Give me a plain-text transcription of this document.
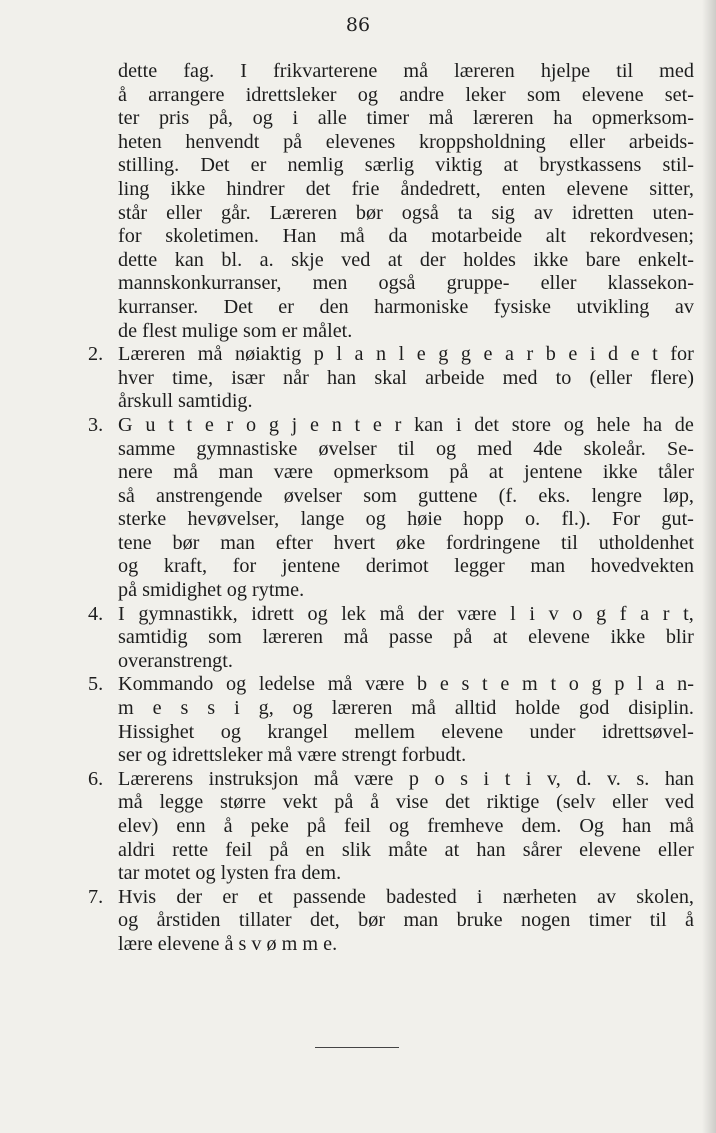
86
dette fag. I frikvarterene må læreren hjelpe til med
å arrangere idrettsleker og andre leker som elevene set-
ter pris på, og i alle timer må læreren ha opmerksom-
heten henvendt på elevenes kroppsholdning eller arbeids-
stilling. Det er nemlig særlig viktig at brystkassens stil-
ling ikke hindrer det frie åndedrett, enten elevene sitter,
står eller går. Læreren bør også ta sig av idretten uten-
for skoletimen. Han må da motarbeide alt rekordvesen;
dette kan bl. a. skje ved at der holdes ikke bare enkelt-
mannskonkurranser, men også gruppe- eller klassekon-
kurranser. Det er den harmoniske fysiske utvikling av
de flest mulige som er målet.
2. Læreren må nøiaktig p l a n l e g g e a r b e i d e t for
hver time, især når han skal arbeide med to (eller flere)
årskull samtidig.
3. G u t t e r o g j e n t e r kan i det store og hele ha de
samme gymnastiske øvelser til og med 4de skoleår. Se-
nere må man være opmerksom på at jentene ikke tåler
så anstrengende øvelser som guttene (f. eks. lengre løp,
sterke hevøvelser, lange og høie hopp o. fl.). For gut-
tene bør man efter hvert øke fordringene til utholdenhet
og kraft, for jentene derimot legger man hovedvekten
på smidighet og rytme.
4. I gymnastikk, idrett og lek må der være l i v o g f a r t,
samtidig som læreren må passe på at elevene ikke blir
overanstrengt.
5. Kommando og ledelse må være b e s t e m t o g p l a n-
m e s s i g, og læreren må alltid holde god disiplin.
Hissighet og krangel mellem elevene under idrettsøvel-
ser og idrettsleker må være strengt forbudt.
6. Lærerens instruksjon må være p o s i t i v, d. v. s. han
må legge større vekt på å vise det riktige (selv eller ved
elev) enn å peke på feil og fremheve dem. Og han må
aldri rette feil på en slik måte at han sårer elevene eller
tar motet og lysten fra dem.
7. Hvis der er et passende badested i nærheten av skolen,
og årstiden tillater det, bør man bruke nogen timer til å
lære elevene å s v ø m m e.
